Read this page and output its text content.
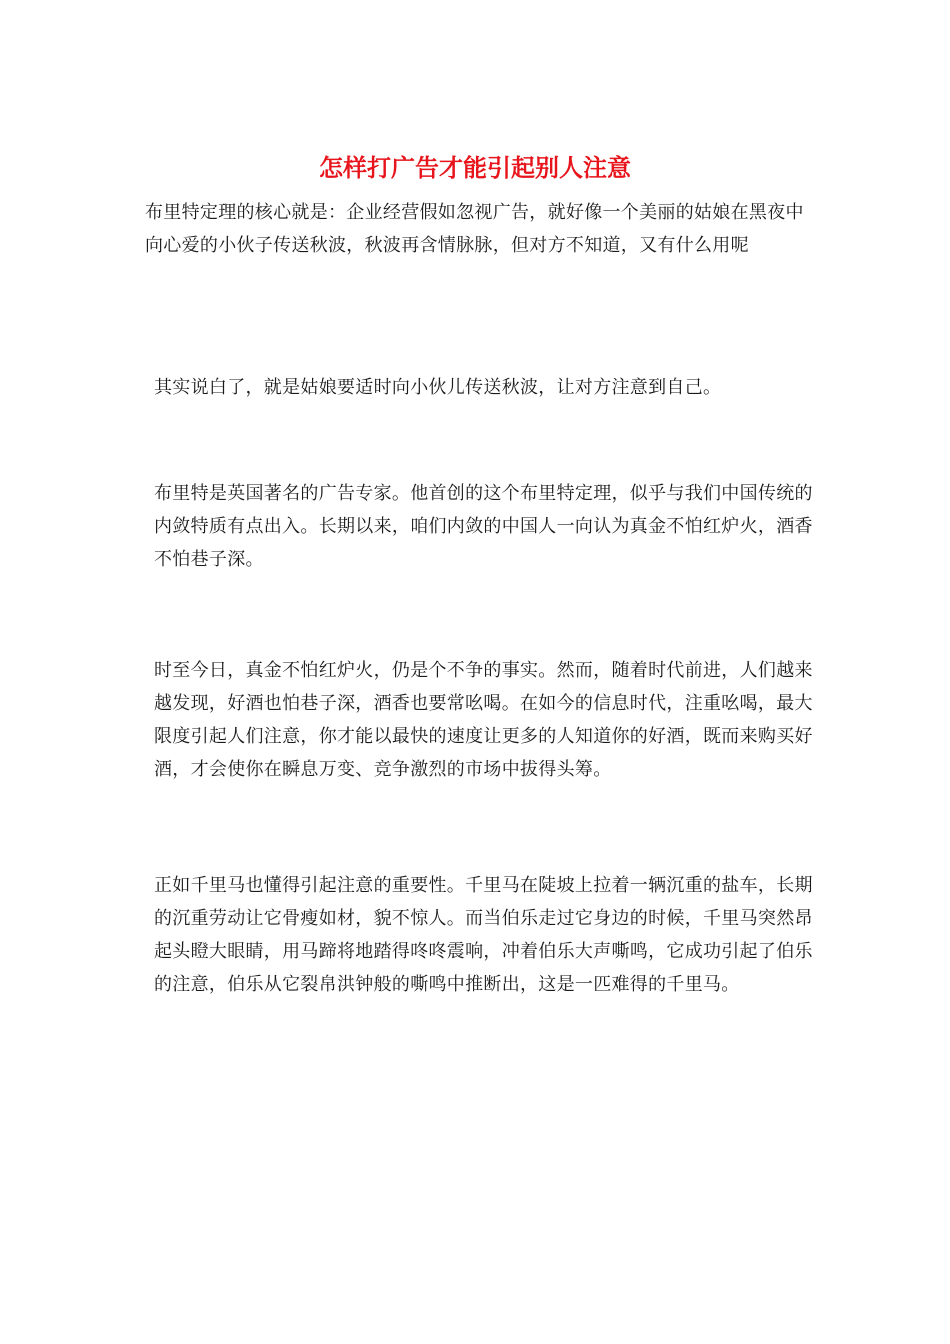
怎样打广告才能引起别人注意

布里特定理的核心就是：企业经营假如忽视广告，就好像一个美丽的姑娘在黑夜中向心爱的小伙子传送秋波，秋波再含情脉脉，但对方不知道，又有什么用呢

其实说白了，就是姑娘要适时向小伙儿传送秋波，让对方注意到自己。

布里特是英国著名的广告专家。他首创的这个布里特定理，似乎与我们中国传统的内敛特质有点出入。长期以来，咱们内敛的中国人一向认为真金不怕红炉火，酒香不怕巷子深。

时至今日，真金不怕红炉火，仍是个不争的事实。然而，随着时代前进，人们越来越发现，好酒也怕巷子深，酒香也要常吆喝。在如今的信息时代，注重吆喝，最大限度引起人们注意，你才能以最快的速度让更多的人知道你的好酒，既而来购买好酒，才会使你在瞬息万变、竞争激烈的市场中拔得头筹。

正如千里马也懂得引起注意的重要性。千里马在陡坡上拉着一辆沉重的盐车，长期的沉重劳动让它骨瘦如材，貌不惊人。而当伯乐走过它身边的时候，千里马突然昂起头瞪大眼睛，用马蹄将地踏得咚咚震响，冲着伯乐大声嘶鸣，它成功引起了伯乐的注意，伯乐从它裂帛洪钟般的嘶鸣中推断出，这是一匹难得的千里马。
